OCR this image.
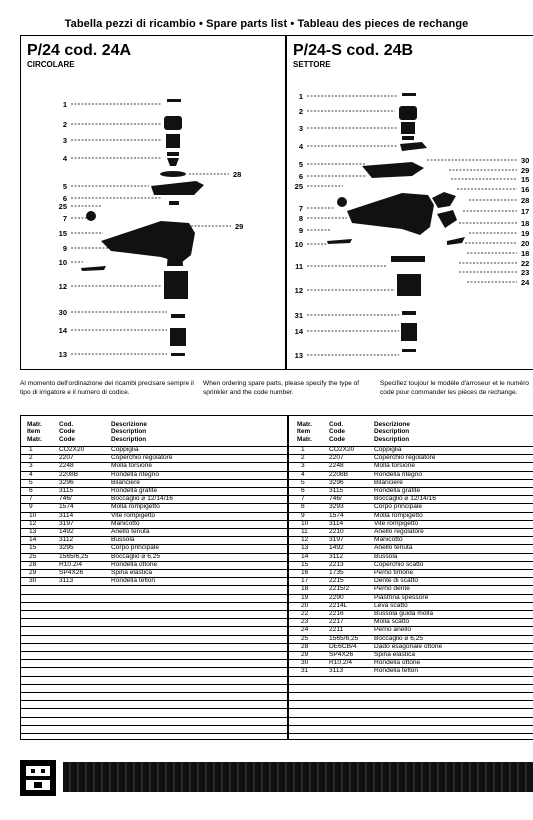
Tabella pezzi di ricambio • Spare parts list • Tableau des pieces de rechange
P/24 cod. 24A
CIRCOLARE
1
2
3
4
28
5
6
25
7
29
15
9
10
12
30
14
13
P/24-S cod. 24B
SETTORE
1
2
3
4
5	30
6
29
25
15
16
7
28
8
17
9
18
19
10	20
18
11	22
23
24
12
31
14
13
Al momento dell'ordinazione dei ricambi precisare sempre il tipo di irrigatore e il numero di codice.
When ordering spare parts, please specify the type of sprinkler and the code number.
Specifiez toujour le modèle d'arroseur et le numéro code pour commander les pièces de rechange.
Matr.
Item
Matr.
Cod.
Code
Code
Descrizione
Description
Description
1	CO2X20	Coppiglia
2	2207	Coperchio regolatore
3	2248	Molla torsione
4	2208B	Rondella ritegno
5	3296	Bilanciere
6	3115	Rondella grafite
7	746/	Boccaglio ⌀ 12/14/16
9	1574	Molla rompigetto
10	3114	Vite rompigetto
12	3197	Manicotto
13	1492	Anello tenuta
14	3112	Bussola
15	3295	Corpo principale
25	1565/6,25	Boccaglio ⌀ 6,25
28	R10.2/4	Rondella ottone
29	SP4X26	Spina elastica
30	3113	Rondella teflon
Matr.
Item
Matr.
Cod.
Code
Code
Descrizione
Description
Description
1	CO2X20	Coppiglia
2	2207	Coperchio regolatore
3	2248	Molla torsione
4	2208B	Rondella ritegno
5	3296	Bilanciere
6	3115	Rondella grafite
7	746/	Boccaglio ⌀ 12/14/16
8	3293	Corpo principale
9	1574	Molla rompigetto
10	3114	Vite rompigetto
11	2210	Anello regolatore
12	3197	Manicotto
13	1492	Anello tenuta
14	3112	Bussola
15	2213	Coperchio scatto
16	1735	Perno timone
17	2215	Dente di scatto
18	2215/2	Perno dente
19	2290	Piastrina spessore
20	2214L	Leva scatto
22	2216	Bussola guida molla
23	2217	Molla scatto
24	2211	Perno anello
25	1565/6,25 Boccaglio ⌀ 6,25
28	DE6CB/4	Dado esagonale ottone
29	SP4X26	Spina elastica
30	R10.2/4	Rondella ottone
31	3113	Rondella teflon
